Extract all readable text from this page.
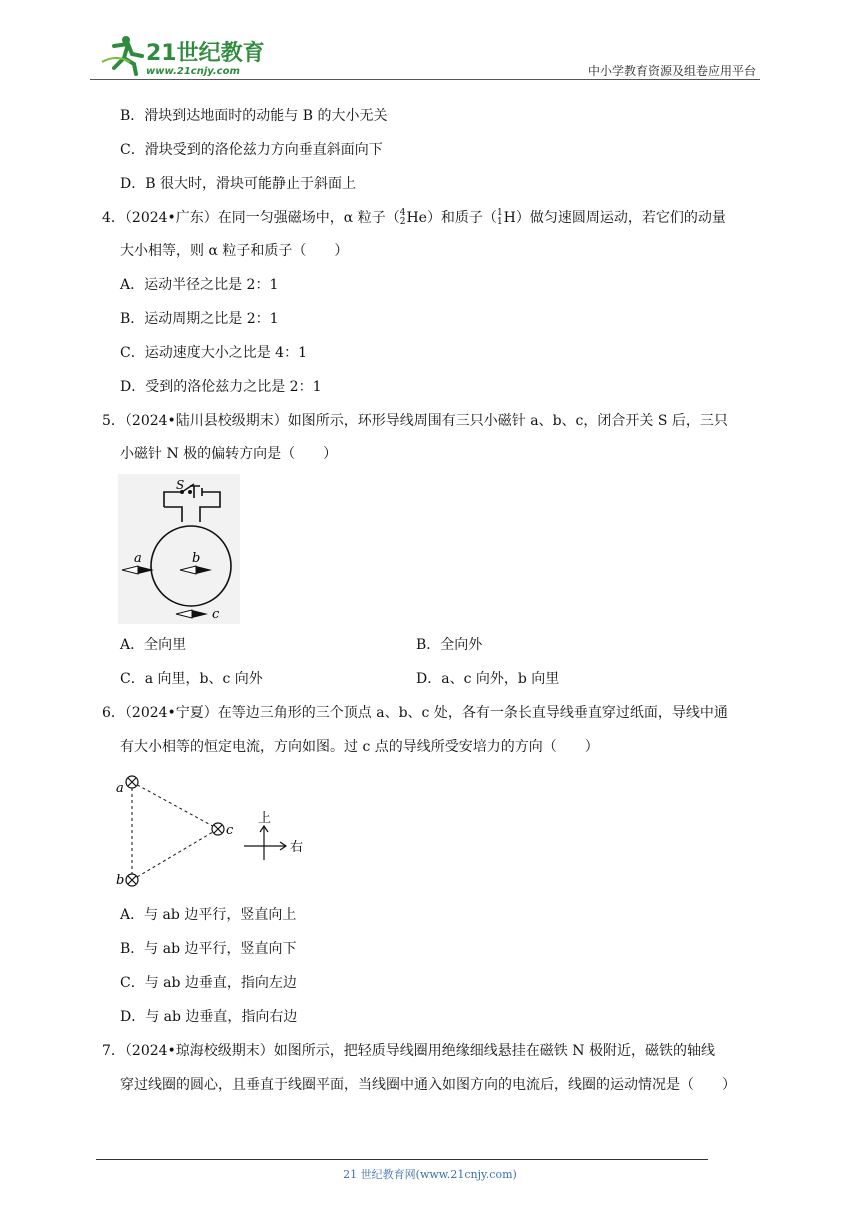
21世纪教育
www.21cnjy.com	中小学教育资源及组卷应用平台
B．滑块到达地面时的动能与 B 的大小无关
C．滑块受到的洛伦兹力方向垂直斜面向下
D．B 很大时，滑块可能静止于斜面上
4．（2024•广东）在同一匀强磁场中，α 粒子（4
2He）和质子（1
1H）做匀速圆周运动，若它们的动量
大小相等，则 α 粒子和质子（　　）
A．运动半径之比是 2：1
B．运动周期之比是 2：1
C．运动速度大小之比是 4：1
D．受到的洛伦兹力之比是 2：1
5．（2024•陆川县校级期末）如图所示，环形导线周围有三只小磁针 a、b、c，闭合开关 S 后，三只
小磁针 N 极的偏转方向是（　　）
S
a	b
c
A．全向里	B．全向外
C．a 向里，b、c 向外	D．a、c 向外，b 向里
6．（2024•宁夏）在等边三角形的三个顶点 a、b、c 处，各有一条长直导线垂直穿过纸面，导线中通
有大小相等的恒定电流，方向如图。过 c 点的导线所受安培力的方向（　　）
a
b
c
上
右
A．与 ab 边平行，竖直向上
B．与 ab 边平行，竖直向下
C．与 ab 边垂直，指向左边
D．与 ab 边垂直，指向右边
7．（2024•琼海校级期末）如图所示，把轻质导线圈用绝缘细线悬挂在磁铁 N 极附近，磁铁的轴线
穿过线圈的圆心，且垂直于线圈平面，当线圈中通入如图方向的电流后，线圈的运动情况是（　　）
21 世纪教育网(www.21cnjy.com)
